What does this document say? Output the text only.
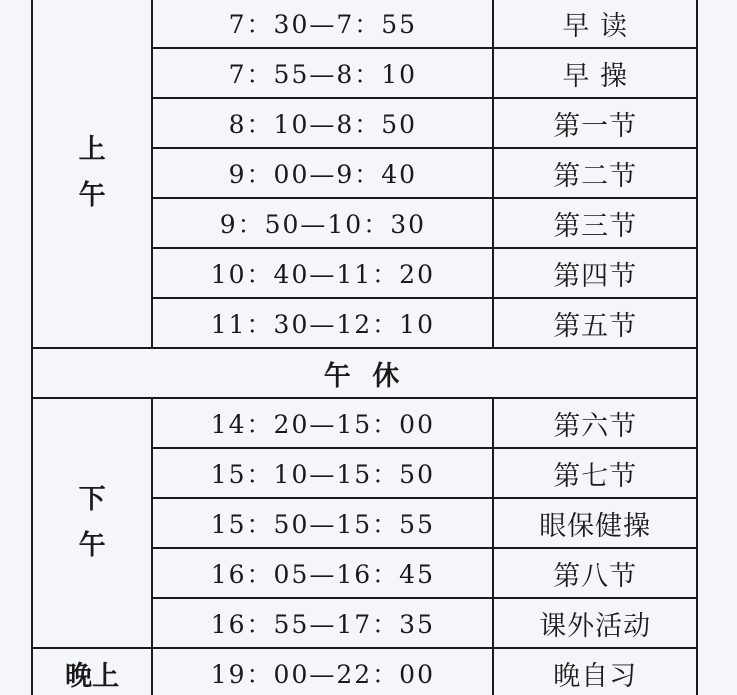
上
午	7：30—7：55	早 读
	7：55—8：10	早 操
	8：10—8：50	第一节
	9：00—9：40	第二节
	9：50—10：30	第三节
	10：40—11：20	第四节
	11：30—12：10	第五节
午 休		

下
午	14：20—15：00	第六节
	15：10—15：50	第七节
	15：50—15：55	眼保健操
	16：05—16：45	第八节
	16：55—17：35	课外活动
晚上	19：00—22：00	晚自习
